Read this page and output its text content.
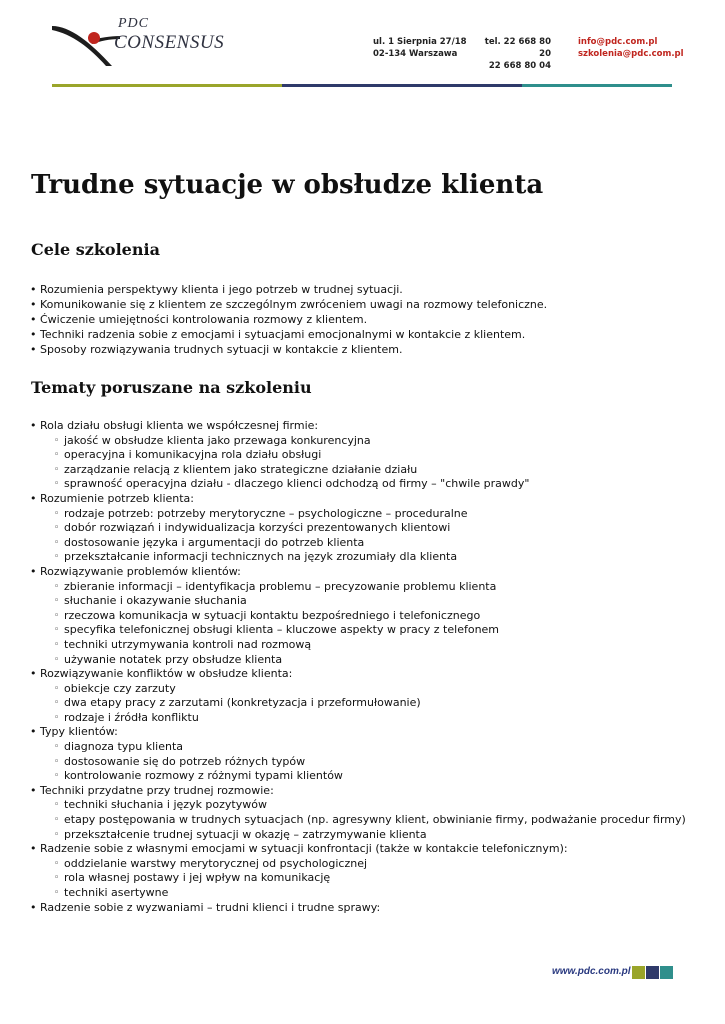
PDC
CONSENSUS	ul. 1 Sierpnia 27/18
02-134 Warszawa
tel. 22 668 80 20
22 668 80 04
info@pdc.com.pl
szkolenia@pdc.com.pl
Trudne sytuacje w obsłudze klienta
Cele szkolenia
• Rozumienia perspektywy klienta i jego potrzeb w trudnej sytuacji.
• Komunikowanie się z klientem ze szczególnym zwróceniem uwagi na rozmowy telefoniczne.
• Ćwiczenie umiejętności kontrolowania rozmowy z klientem.
• Techniki radzenia sobie z emocjami i sytuacjami emocjonalnymi w kontakcie z klientem.
• Sposoby rozwiązywania trudnych sytuacji w kontakcie z klientem.
Tematy poruszane na szkoleniu
• Rola działu obsługi klienta we współczesnej firmie:
◦ jakość w obsłudze klienta jako przewaga konkurencyjna
◦ operacyjna i komunikacyjna rola działu obsługi
◦ zarządzanie relacją z klientem jako strategiczne działanie działu
◦ sprawność operacyjna działu - dlaczego klienci odchodzą od firmy – "chwile prawdy"
• Rozumienie potrzeb klienta:
◦ rodzaje potrzeb: potrzeby merytoryczne – psychologiczne – proceduralne
◦ dobór rozwiązań i indywidualizacja korzyści prezentowanych klientowi
◦ dostosowanie języka i argumentacji do potrzeb klienta
◦ przekształcanie informacji technicznych na język zrozumiały dla klienta
• Rozwiązywanie problemów klientów:
◦ zbieranie informacji – identyfikacja problemu – precyzowanie problemu klienta
◦ słuchanie i okazywanie słuchania
◦ rzeczowa komunikacja w sytuacji kontaktu bezpośredniego i telefonicznego
◦ specyfika telefonicznej obsługi klienta – kluczowe aspekty w pracy z telefonem
◦ techniki utrzymywania kontroli nad rozmową
◦ używanie notatek przy obsłudze klienta
• Rozwiązywanie konfliktów w obsłudze klienta:
◦ obiekcje czy zarzuty
◦ dwa etapy pracy z zarzutami (konkretyzacja i przeformułowanie)
◦ rodzaje i źródła konfliktu
• Typy klientów:
◦ diagnoza typu klienta
◦ dostosowanie się do potrzeb różnych typów
◦ kontrolowanie rozmowy z różnymi typami klientów
• Techniki przydatne przy trudnej rozmowie:
◦ techniki słuchania i język pozytywów
◦ etapy postępowania w trudnych sytuacjach (np. agresywny klient, obwinianie firmy, podważanie procedur firmy)
◦ przekształcenie trudnej sytuacji w okazję – zatrzymywanie klienta
• Radzenie sobie z własnymi emocjami w sytuacji konfrontacji (także w kontakcie telefonicznym):
◦ oddzielanie warstwy merytorycznej od psychologicznej
◦ rola własnej postawy i jej wpływ na komunikację
◦ techniki asertywne
• Radzenie sobie z wyzwaniami – trudni klienci i trudne sprawy:
www.pdc.com.pl
